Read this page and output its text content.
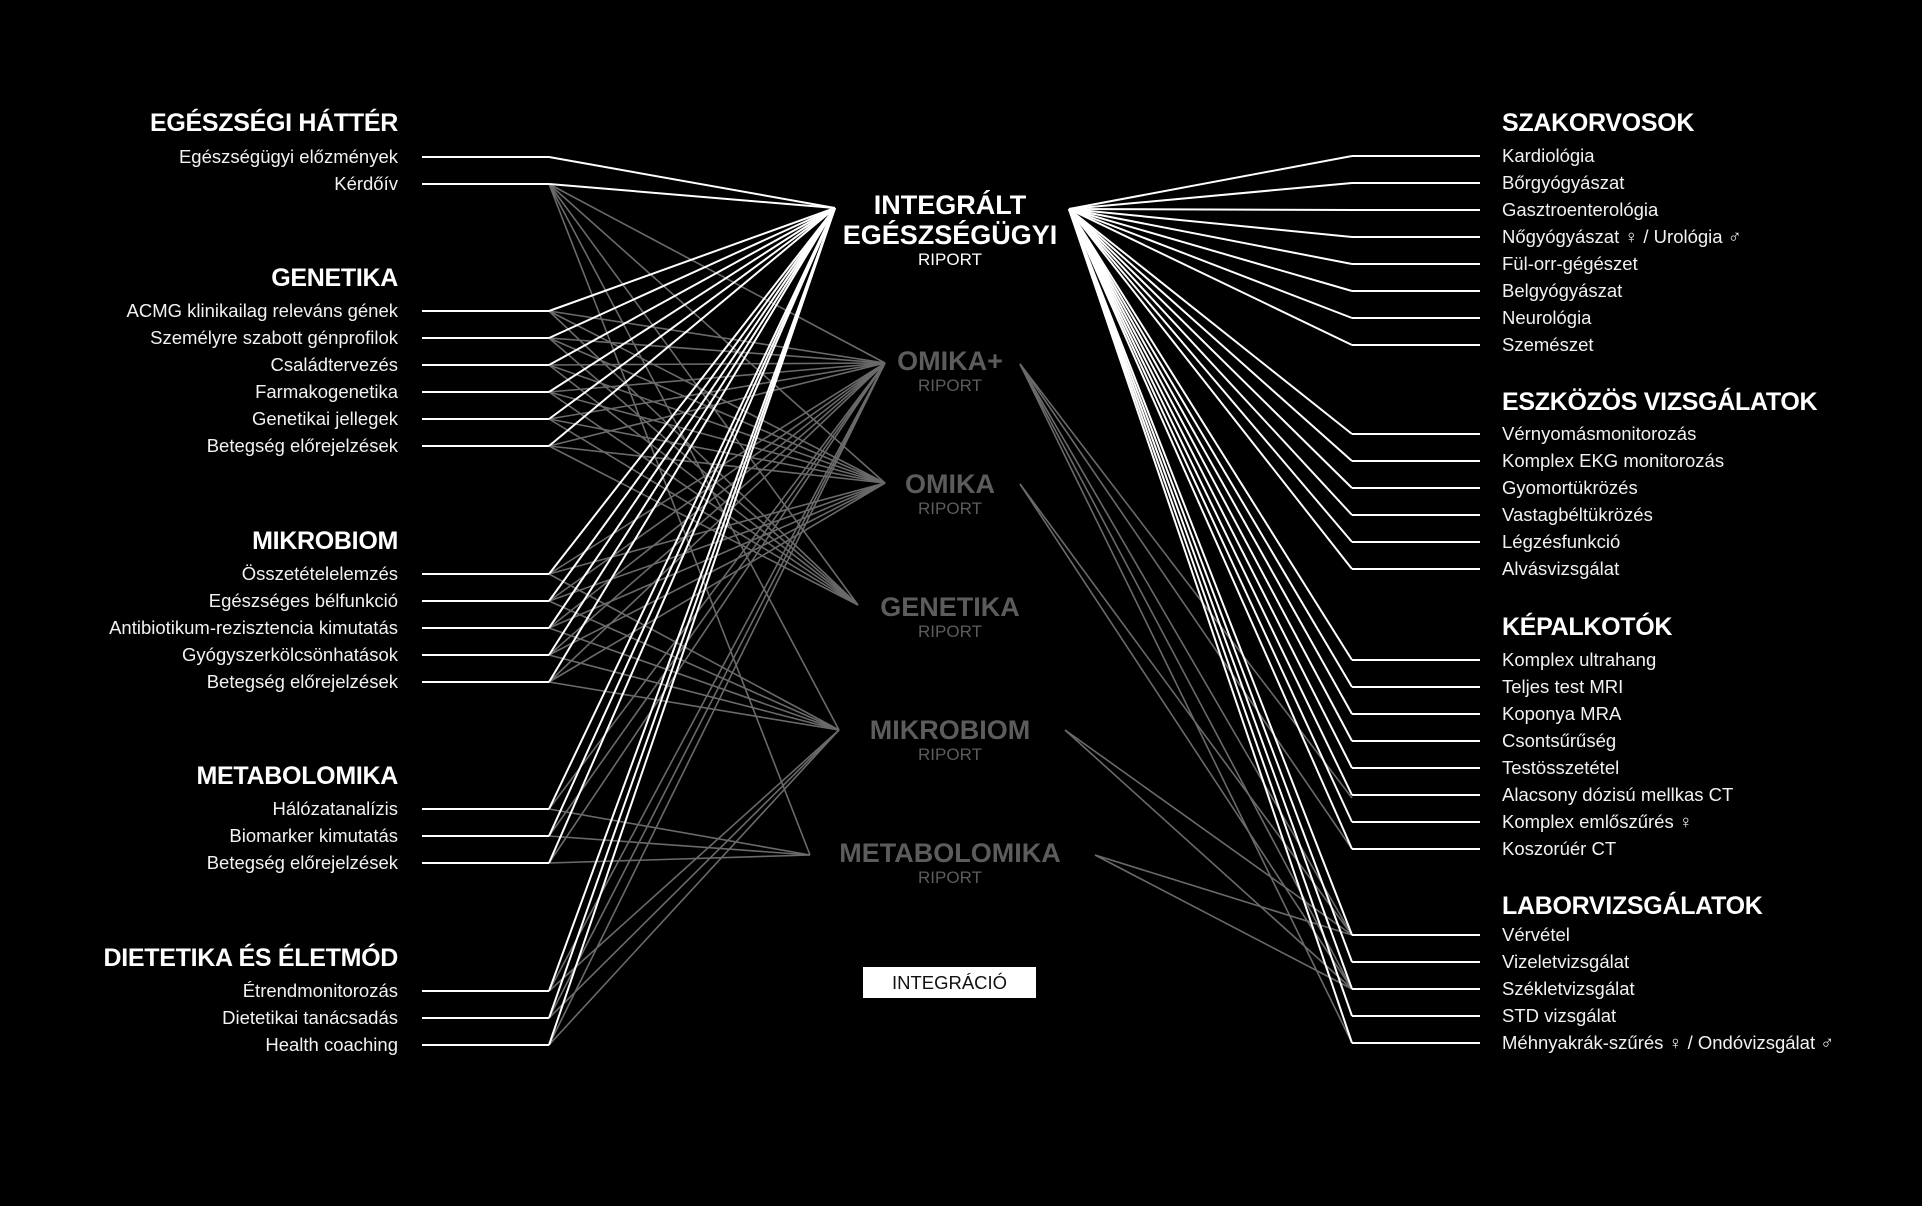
EGÉSZSÉGI HÁTTÉR
Egészségügyi előzmények
Kérdőív
GENETIKA
ACMG klinikailag releváns gének
Személyre szabott génprofilok
Családtervezés
Farmakogenetika
Genetikai jellegek
Betegség előrejelzések
MIKROBIOM
Összetételelemzés
Egészséges bélfunkció
Antibiotikum-rezisztencia kimutatás
Gyógyszerkölcsönhatások
Betegség előrejelzések
METABOLOMIKA
Hálózatanalízis
Biomarker kimutatás
Betegség előrejelzések
DIETETIKA ÉS ÉLETMÓD
Étrendmonitorozás
Dietetikai tanácsadás
Health coaching
INTEGRÁLT
EGÉSZSÉGÜGYI
RIPORT
OMIKA+
RIPORT
OMIKA
RIPORT
GENETIKA
RIPORT
MIKROBIOM
RIPORT
METABOLOMIKA
RIPORT
INTEGRÁCIÓ
SZAKORVOSOK
Kardiológia
Bőrgyógyászat
Gasztroenterológia
Nőgyógyászat ♀ / Urológia ♂
Fül-orr-gégészet
Belgyógyászat
Neurológia
Szemészet
ESZKÖZÖS VIZSGÁLATOK
Vérnyomásmonitorozás
Komplex EKG monitorozás
Gyomortükrözés
Vastagbéltükrözés
Légzésfunkció
Alvásvizsgálat
KÉPALKOTÓK
Komplex ultrahang
Teljes test MRI
Koponya MRA
Csontsűrűség
Testösszetétel
Alacsony dózisú mellkas CT
Komplex emlőszűrés ♀
Koszorúér CT
LABORVIZSGÁLATOK
Vérvétel
Vizeletvizsgálat
Székletvizsgálat
STD vizsgálat
Méhnyakrák-szűrés ♀ / Ondóvizsgálat ♂
